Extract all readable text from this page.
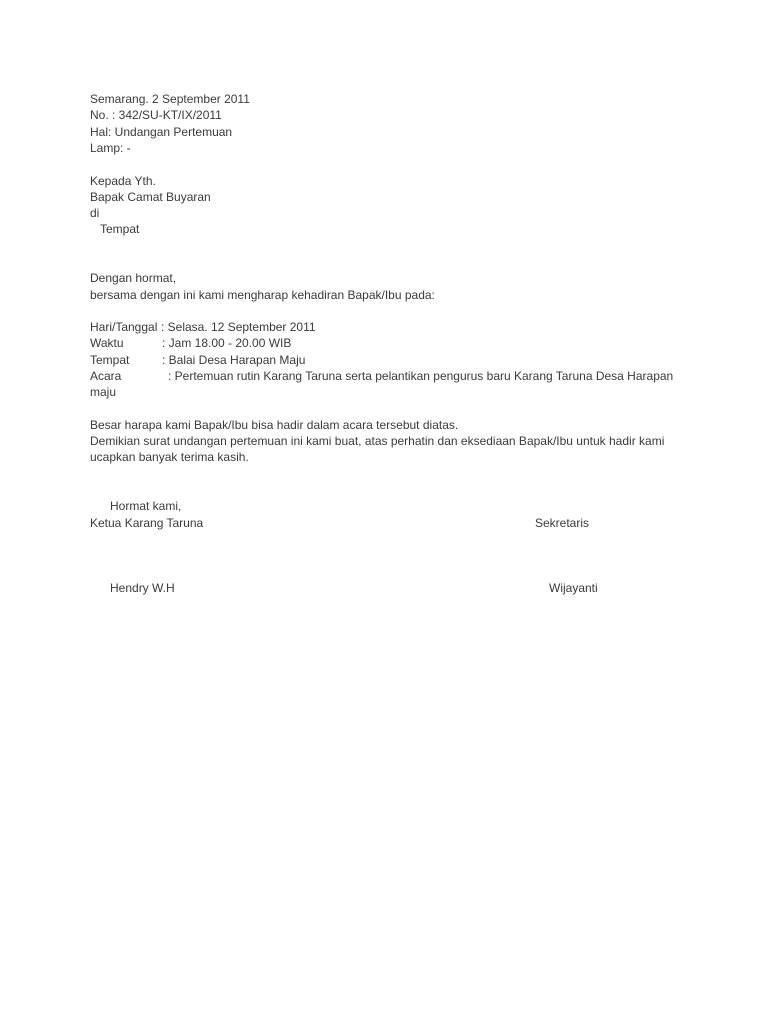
Semarang. 2 September 2011
No. : 342/SU-KT/IX/2011
Hal: Undangan Pertemuan
Lamp: -
Kepada Yth.
Bapak Camat Buyaran
di
Tempat
Dengan hormat,
bersama dengan ini kami mengharap kehadiran Bapak/Ibu pada:
Hari/Tanggal : Selasa. 12 September 2011
Waktu	: Jam 18.00 - 20.00 WIB
Tempat	: Balai Desa Harapan Maju
Acara	: Pertemuan rutin Karang Taruna serta pelantikan pengurus baru Karang Taruna Desa Harapan
maju
Besar harapa kami Bapak/Ibu bisa hadir dalam acara tersebut diatas.
Demikian surat undangan pertemuan ini kami buat, atas perhatin dan eksediaan Bapak/Ibu untuk hadir kami
ucapkan banyak terima kasih.
Hormat kami,
Ketua Karang Taruna	Sekretaris
Hendry W.H	Wijayanti
